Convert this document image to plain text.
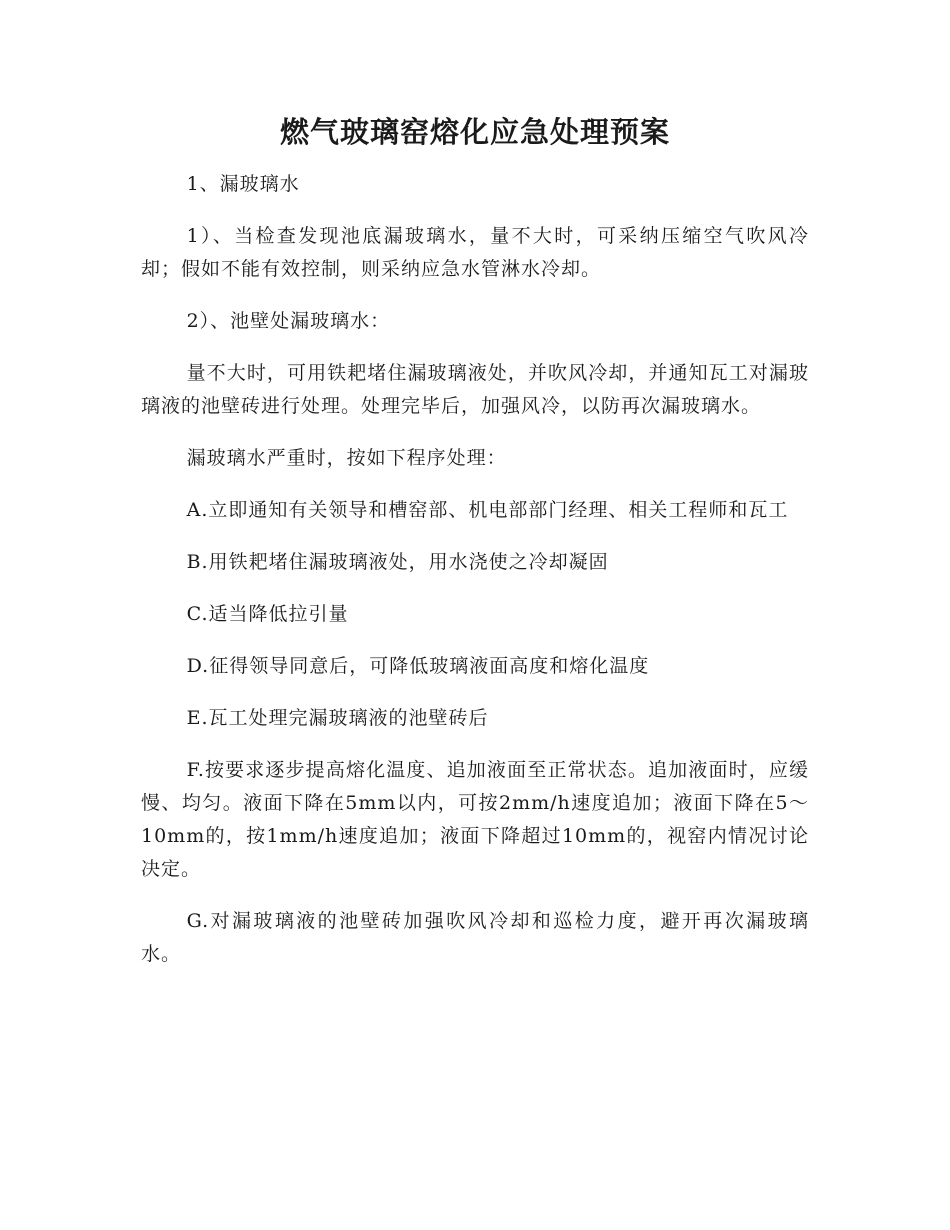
燃气玻璃窑熔化应急处理预案

1、漏玻璃水

1）、当检查发现池底漏玻璃水，量不大时，可采纳压缩空气吹风冷却；假如不能有效控制，则采纳应急水管淋水冷却。

2）、池壁处漏玻璃水：

量不大时，可用铁耙堵住漏玻璃液处，并吹风冷却，并通知瓦工对漏玻璃液的池壁砖进行处理。处理完毕后，加强风冷，以防再次漏玻璃水。

漏玻璃水严重时，按如下程序处理：

A.立即通知有关领导和槽窑部、机电部部门经理、相关工程师和瓦工

B.用铁耙堵住漏玻璃液处，用水浇使之冷却凝固

C.适当降低拉引量

D.征得领导同意后，可降低玻璃液面高度和熔化温度

E.瓦工处理完漏玻璃液的池壁砖后

F.按要求逐步提高熔化温度、追加液面至正常状态。追加液面时，应缓慢、均匀。液面下降在5mm以内，可按2mm/h速度追加；液面下降在5～10mm的，按1mm/h速度追加；液面下降超过10mm的，视窑内情况讨论决定。

G.对漏玻璃液的池壁砖加强吹风冷却和巡检力度，避开再次漏玻璃水。
